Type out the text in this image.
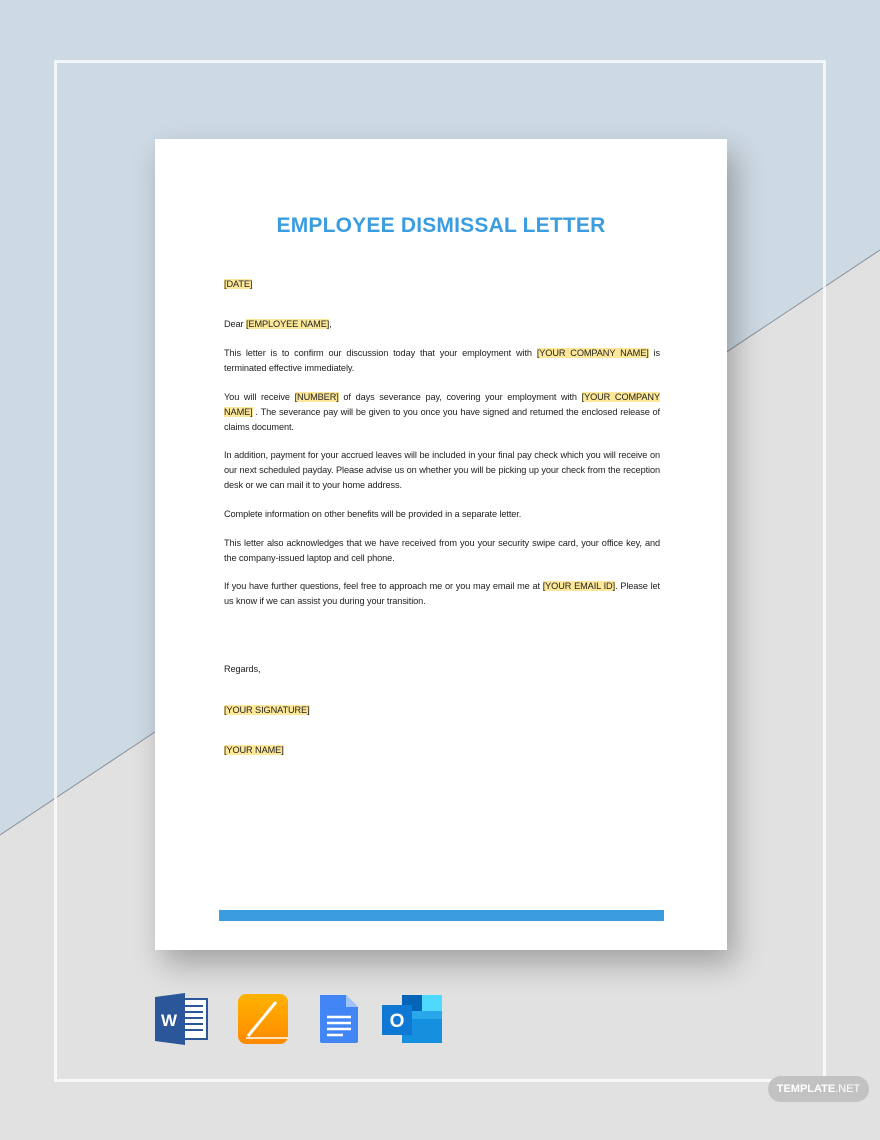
EMPLOYEE DISMISSAL LETTER
[DATE]
Dear [EMPLOYEE NAME],
This letter is to confirm our discussion today that your employment with [YOUR COMPANY NAME] is terminated effective immediately.
You will receive [NUMBER] of days severance pay, covering your employment with [YOUR COMPANY NAME] . The severance pay will be given to you once you have signed and returned the enclosed release of claims document.
In addition, payment for your accrued leaves will be included in your final pay check which you will receive on our next scheduled payday. Please advise us on whether you will be picking up your check from the reception desk or we can mail it to your home address.
Complete information on other benefits will be provided in a separate letter.
This letter also acknowledges that we have received from you your security swipe card, your office key, and the company-issued laptop and cell phone.
If you have further questions, feel free to approach me or you may email me at [YOUR EMAIL ID]. Please let us know if we can assist you during your transition.
Regards,
[YOUR SIGNATURE]
[YOUR NAME]
W	O
TEMPLATE.NET
